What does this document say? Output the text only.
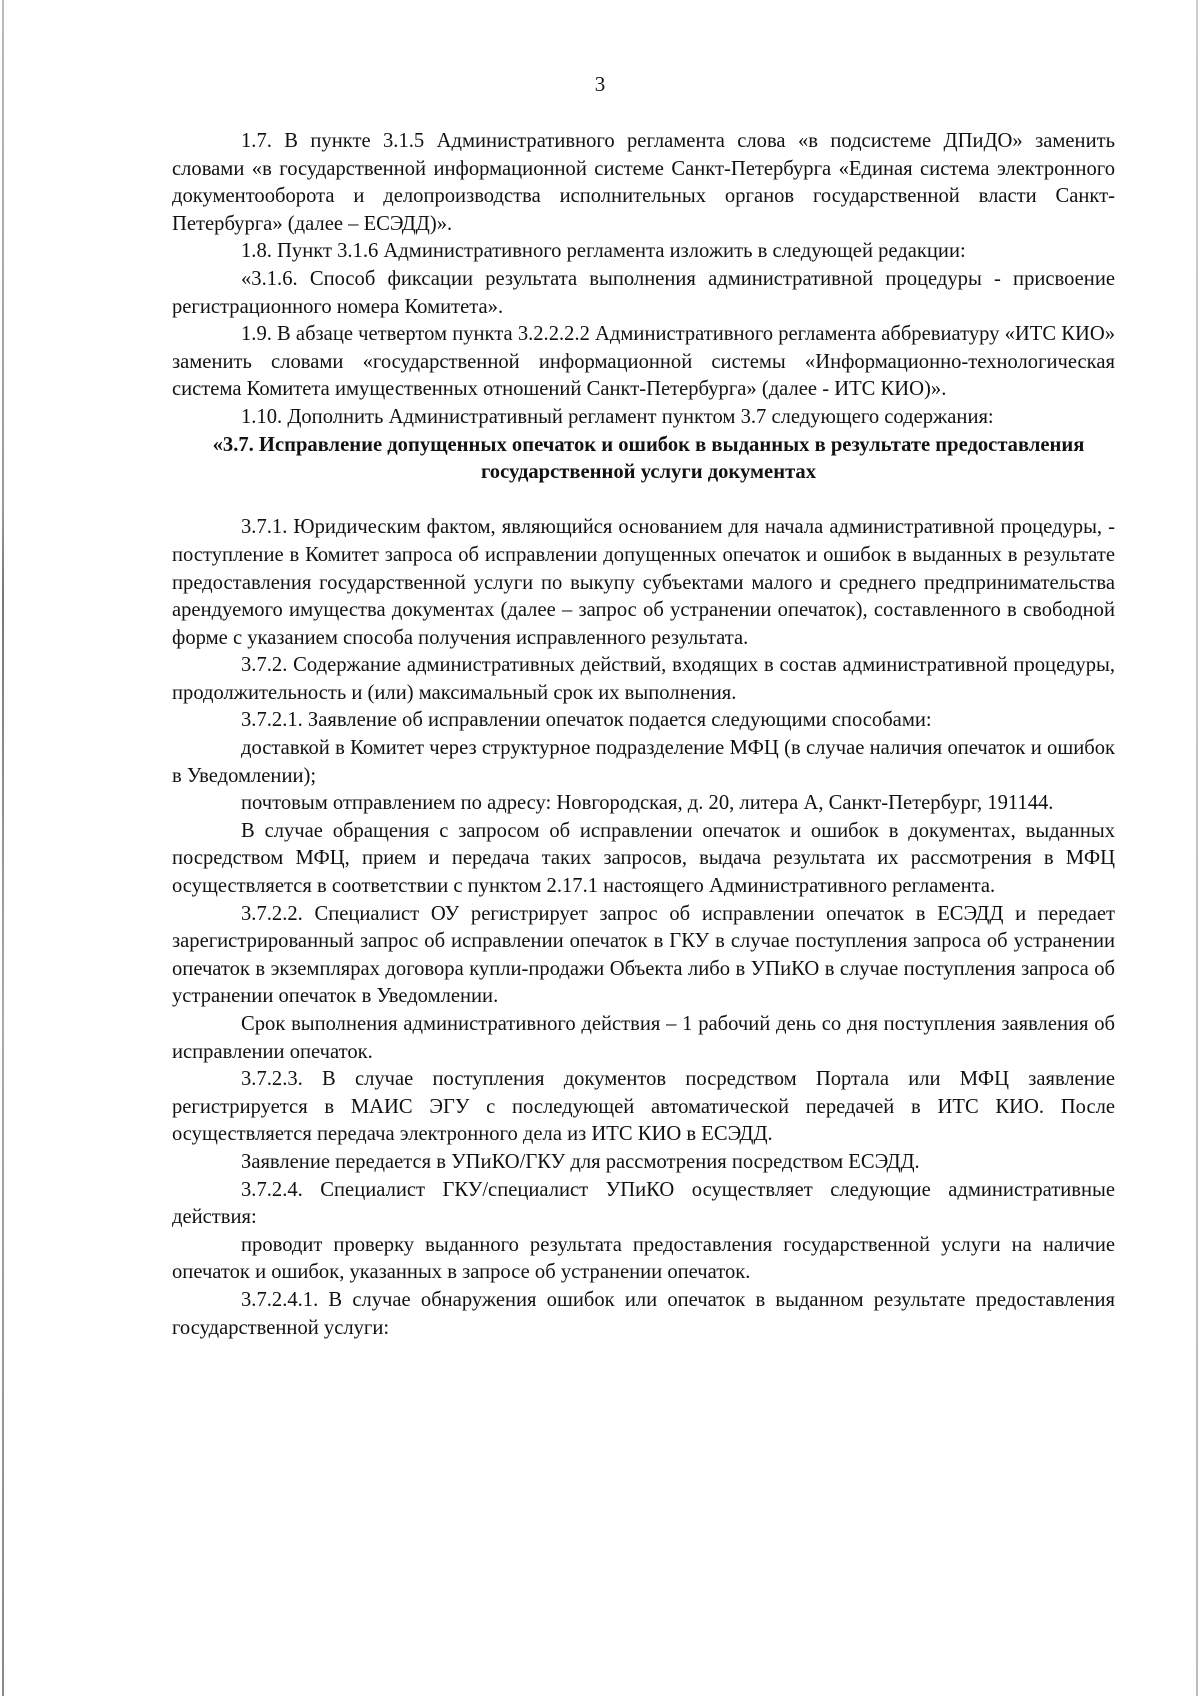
3

1.7. В пункте 3.1.5 Административного регламента слова «в подсистеме ДПиДО» заменить словами «в государственной информационной системе Санкт-Петербурга «Единая система электронного документооборота и делопроизводства исполнительных органов государственной власти Санкт-Петербурга» (далее – ЕСЭДД)».

1.8. Пункт 3.1.6 Административного регламента изложить в следующей редакции:

«3.1.6. Способ фиксации результата выполнения административной процедуры - присвоение регистрационного номера Комитета».

1.9. В абзаце четвертом пункта 3.2.2.2.2 Административного регламента аббревиатуру «ИТС КИО» заменить словами «государственной информационной системы «Информационно-технологическая система Комитета имущественных отношений Санкт-Петербурга» (далее - ИТС КИО)».

1.10. Дополнить Административный регламент пунктом 3.7 следующего содержания:

«3.7. Исправление допущенных опечаток и ошибок в выданных в результате предоставления государственной услуги документах

3.7.1. Юридическим фактом, являющийся основанием для начала административной процедуры, - поступление в Комитет запроса об исправлении допущенных опечаток и ошибок в выданных в результате предоставления государственной услуги по выкупу субъектами малого и среднего предпринимательства арендуемого имущества документах (далее – запрос об устранении опечаток), составленного в свободной форме с указанием способа получения исправленного результата.

3.7.2. Содержание административных действий, входящих в состав административной процедуры, продолжительность и (или) максимальный срок их выполнения.

3.7.2.1. Заявление об исправлении опечаток подается следующими способами:

доставкой в Комитет через структурное подразделение МФЦ (в случае наличия опечаток и ошибок в Уведомлении);

почтовым отправлением по адресу: Новгородская, д. 20, литера А, Санкт-Петербург, 191144.

В случае обращения с запросом об исправлении опечаток и ошибок в документах, выданных посредством МФЦ, прием и передача таких запросов, выдача результата их рассмотрения в МФЦ осуществляется в соответствии с пунктом 2.17.1 настоящего Административного регламента.

3.7.2.2. Специалист ОУ регистрирует запрос об исправлении опечаток в ЕСЭДД и передает зарегистрированный запрос об исправлении опечаток в ГКУ в случае поступления запроса об устранении опечаток в экземплярах договора купли-продажи Объекта либо в УПиКО в случае поступления запроса об устранении опечаток в Уведомлении.

Срок выполнения административного действия – 1 рабочий день со дня поступления заявления об исправлении опечаток.

3.7.2.3. В случае поступления документов посредством Портала или МФЦ заявление регистрируется в МАИС ЭГУ с последующей автоматической передачей в ИТС КИО. После осуществляется передача электронного дела из ИТС КИО в ЕСЭДД.

Заявление передается в УПиКО/ГКУ для рассмотрения посредством ЕСЭДД.

3.7.2.4. Специалист ГКУ/специалист УПиКО осуществляет следующие административные действия:

проводит проверку выданного результата предоставления государственной услуги на наличие опечаток и ошибок, указанных в запросе об устранении опечаток.

3.7.2.4.1. В случае обнаружения ошибок или опечаток в выданном результате предоставления государственной услуги:
